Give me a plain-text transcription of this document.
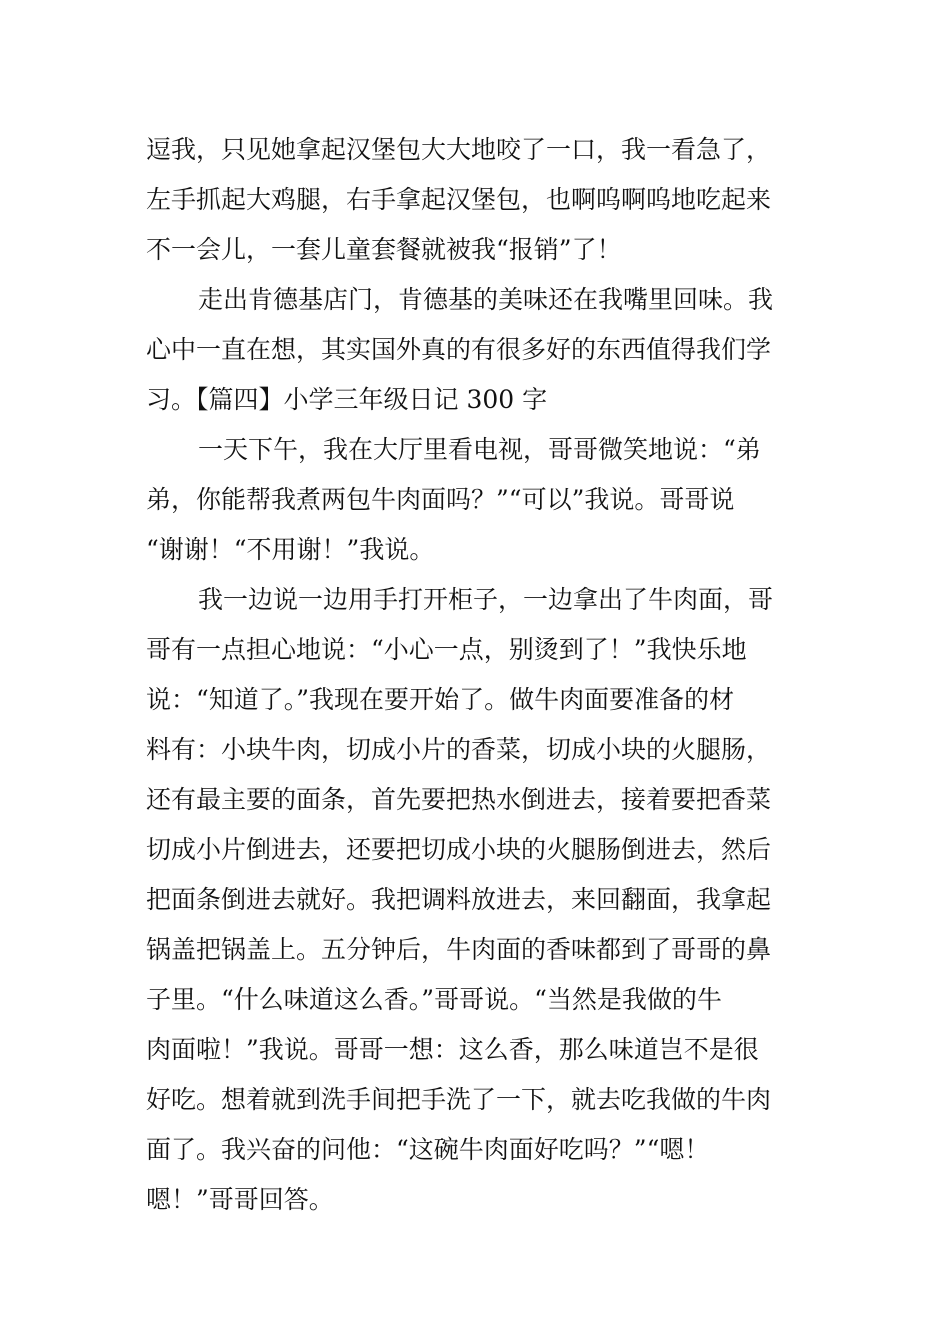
逗我，只见她拿起汉堡包大大地咬了一口，我一看急了，
左手抓起大鸡腿，右手拿起汉堡包，也啊呜啊呜地吃起来
不一会儿，一套儿童套餐就被我“报销”了！
走出肯德基店门，肯德基的美味还在我嘴里回味。我
心中一直在想，其实国外真的有很多好的东西值得我们学
习。【篇四】小学三年级日记 300 字
一天下午，我在大厅里看电视，哥哥微笑地说：“弟
弟，你能帮我煮两包牛肉面吗？”“可以”我说。哥哥说
“谢谢！“不用谢！”我说。
我一边说一边用手打开柜子，一边拿出了牛肉面，哥
哥有一点担心地说：“小心一点，别烫到了！”我快乐地
说：“知道了。”我现在要开始了。做牛肉面要准备的材
料有：小块牛肉，切成小片的香菜，切成小块的火腿肠，
还有最主要的面条，首先要把热水倒进去，接着要把香菜
切成小片倒进去，还要把切成小块的火腿肠倒进去，然后
把面条倒进去就好。我把调料放进去，来回翻面，我拿起
锅盖把锅盖上。五分钟后，牛肉面的香味都到了哥哥的鼻
子里。“什么味道这么香。”哥哥说。“当然是我做的牛
肉面啦！”我说。哥哥一想：这么香，那么味道岂不是很
好吃。想着就到洗手间把手洗了一下，就去吃我做的牛肉
面了。我兴奋的问他：“这碗牛肉面好吃吗？”“嗯！
嗯！”哥哥回答。
